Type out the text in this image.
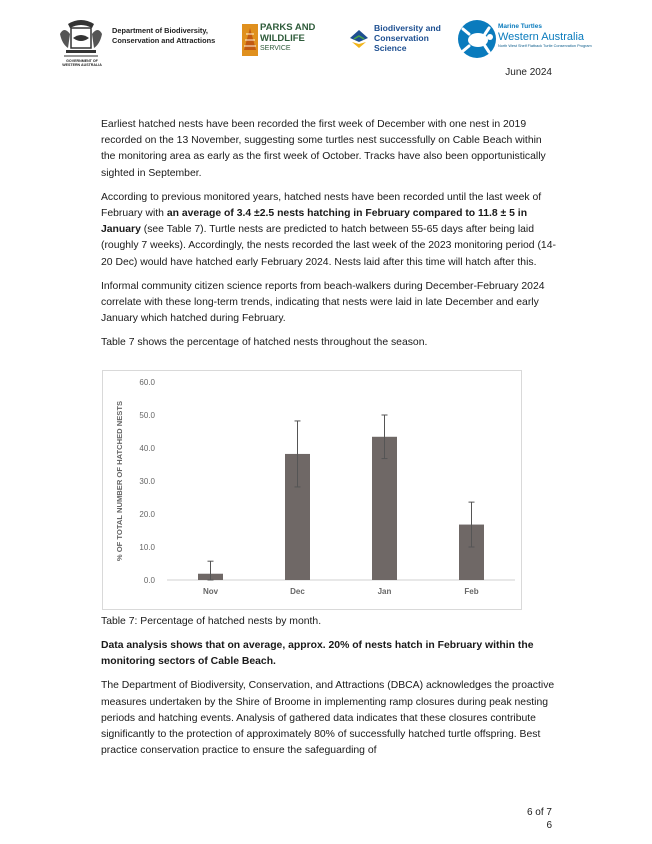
GOVERNMENT OF
WESTERN AUSTRALIA
Department of Biodiversity,
Conservation and Attractions
PARKS AND
WILDLIFE
SERVICE
Biodiversity and
Conservation
Science
Marine Turtles
Western Australia
North West Shelf Flatback Turtle Conservation Program
June 2024

Earliest hatched nests have been recorded the first week of December with one nest in 2019 recorded on the 13 November, suggesting some turtles nest successfully on Cable Beach within the monitoring area as early as the first week of October. Tracks have also been opportunistically sighted in September.

According to previous monitored years, hatched nests have been recorded until the last week of February with an average of 3.4 ±2.5 nests hatching in February compared to 11.8 ± 5 in January (see Table 7). Turtle nests are predicted to hatch between 55-65 days after being laid (roughly 7 weeks). Accordingly, the nests recorded the last week of the 2023 monitoring period (14-20 Dec) would have hatched early February 2024. Nests laid after this time will hatch after this.

Informal community citizen science reports from beach-walkers during December-February 2024 correlate with these long-term trends, indicating that nests were laid in late December and early January which hatched during February.

Table 7 shows the percentage of hatched nests throughout the season.

% OF TOTAL NUMBER OF HATCHED NESTS
0.0
10.0
20.0
30.0
40.0
50.0
60.0
Nov	Dec	Jan	Feb
Table 7: Percentage of hatched nests by month.

Data analysis shows that on average, approx. 20% of nests hatch in February within the monitoring sectors of Cable Beach.

The Department of Biodiversity, Conservation, and Attractions (DBCA) acknowledges the proactive measures undertaken by the Shire of Broome in implementing ramp closures during peak nesting periods and hatching events. Analysis of gathered data indicates that these closures contribute significantly to the protection of approximately 80% of successfully hatched turtle offspring. Best practice conservation practice to ensure the safeguarding of

6 of 7
6
